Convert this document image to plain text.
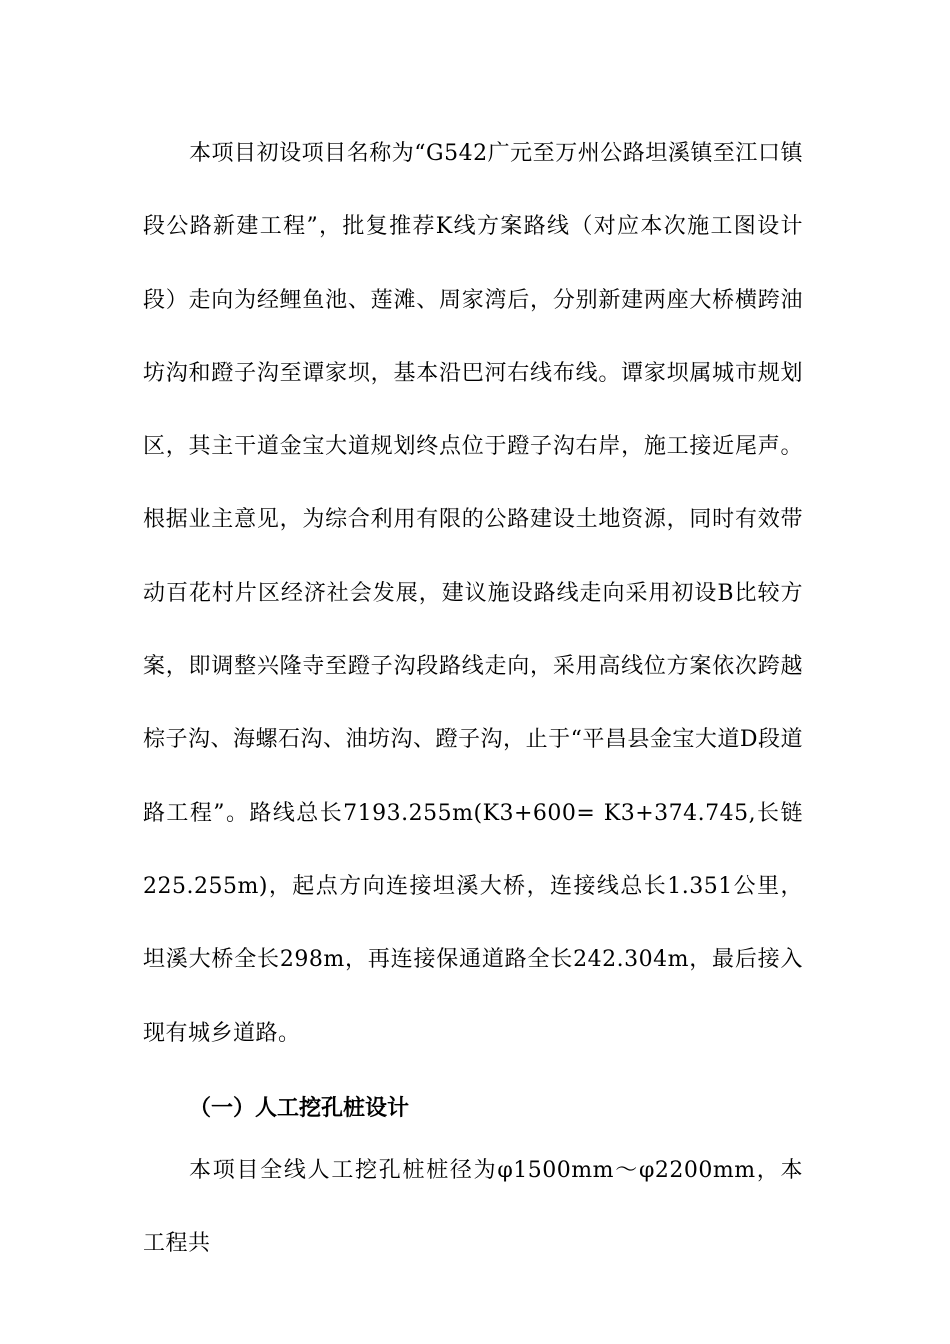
本项目初设项目名称为“G542广元至万州公路坦溪镇至江口镇段公路新建工程”，批复推荐K线方案路线（对应本次施工图设计段）走向为经鲤鱼池、莲滩、周家湾后，分别新建两座大桥横跨油坊沟和蹬子沟至谭家坝，基本沿巴河右线布线。谭家坝属城市规划区，其主干道金宝大道规划终点位于蹬子沟右岸，施工接近尾声。根据业主意见，为综合利用有限的公路建设土地资源，同时有效带动百花村片区经济社会发展，建议施设路线走向采用初设B比较方案，即调整兴隆寺至蹬子沟段路线走向，采用高线位方案依次跨越棕子沟、海螺石沟、油坊沟、蹬子沟，止于“平昌县金宝大道D段道路工程”。路线总长7193.255m(K3+600= K3+374.745,长链225.255m)，起点方向连接坦溪大桥，连接线总长1.351公里，坦溪大桥全长298m，再连接保通道路全长242.304m，最后接入现有城乡道路。

（一）人工挖孔桩设计

本项目全线人工挖孔桩桩径为φ1500mm～φ2200mm，本工程共
